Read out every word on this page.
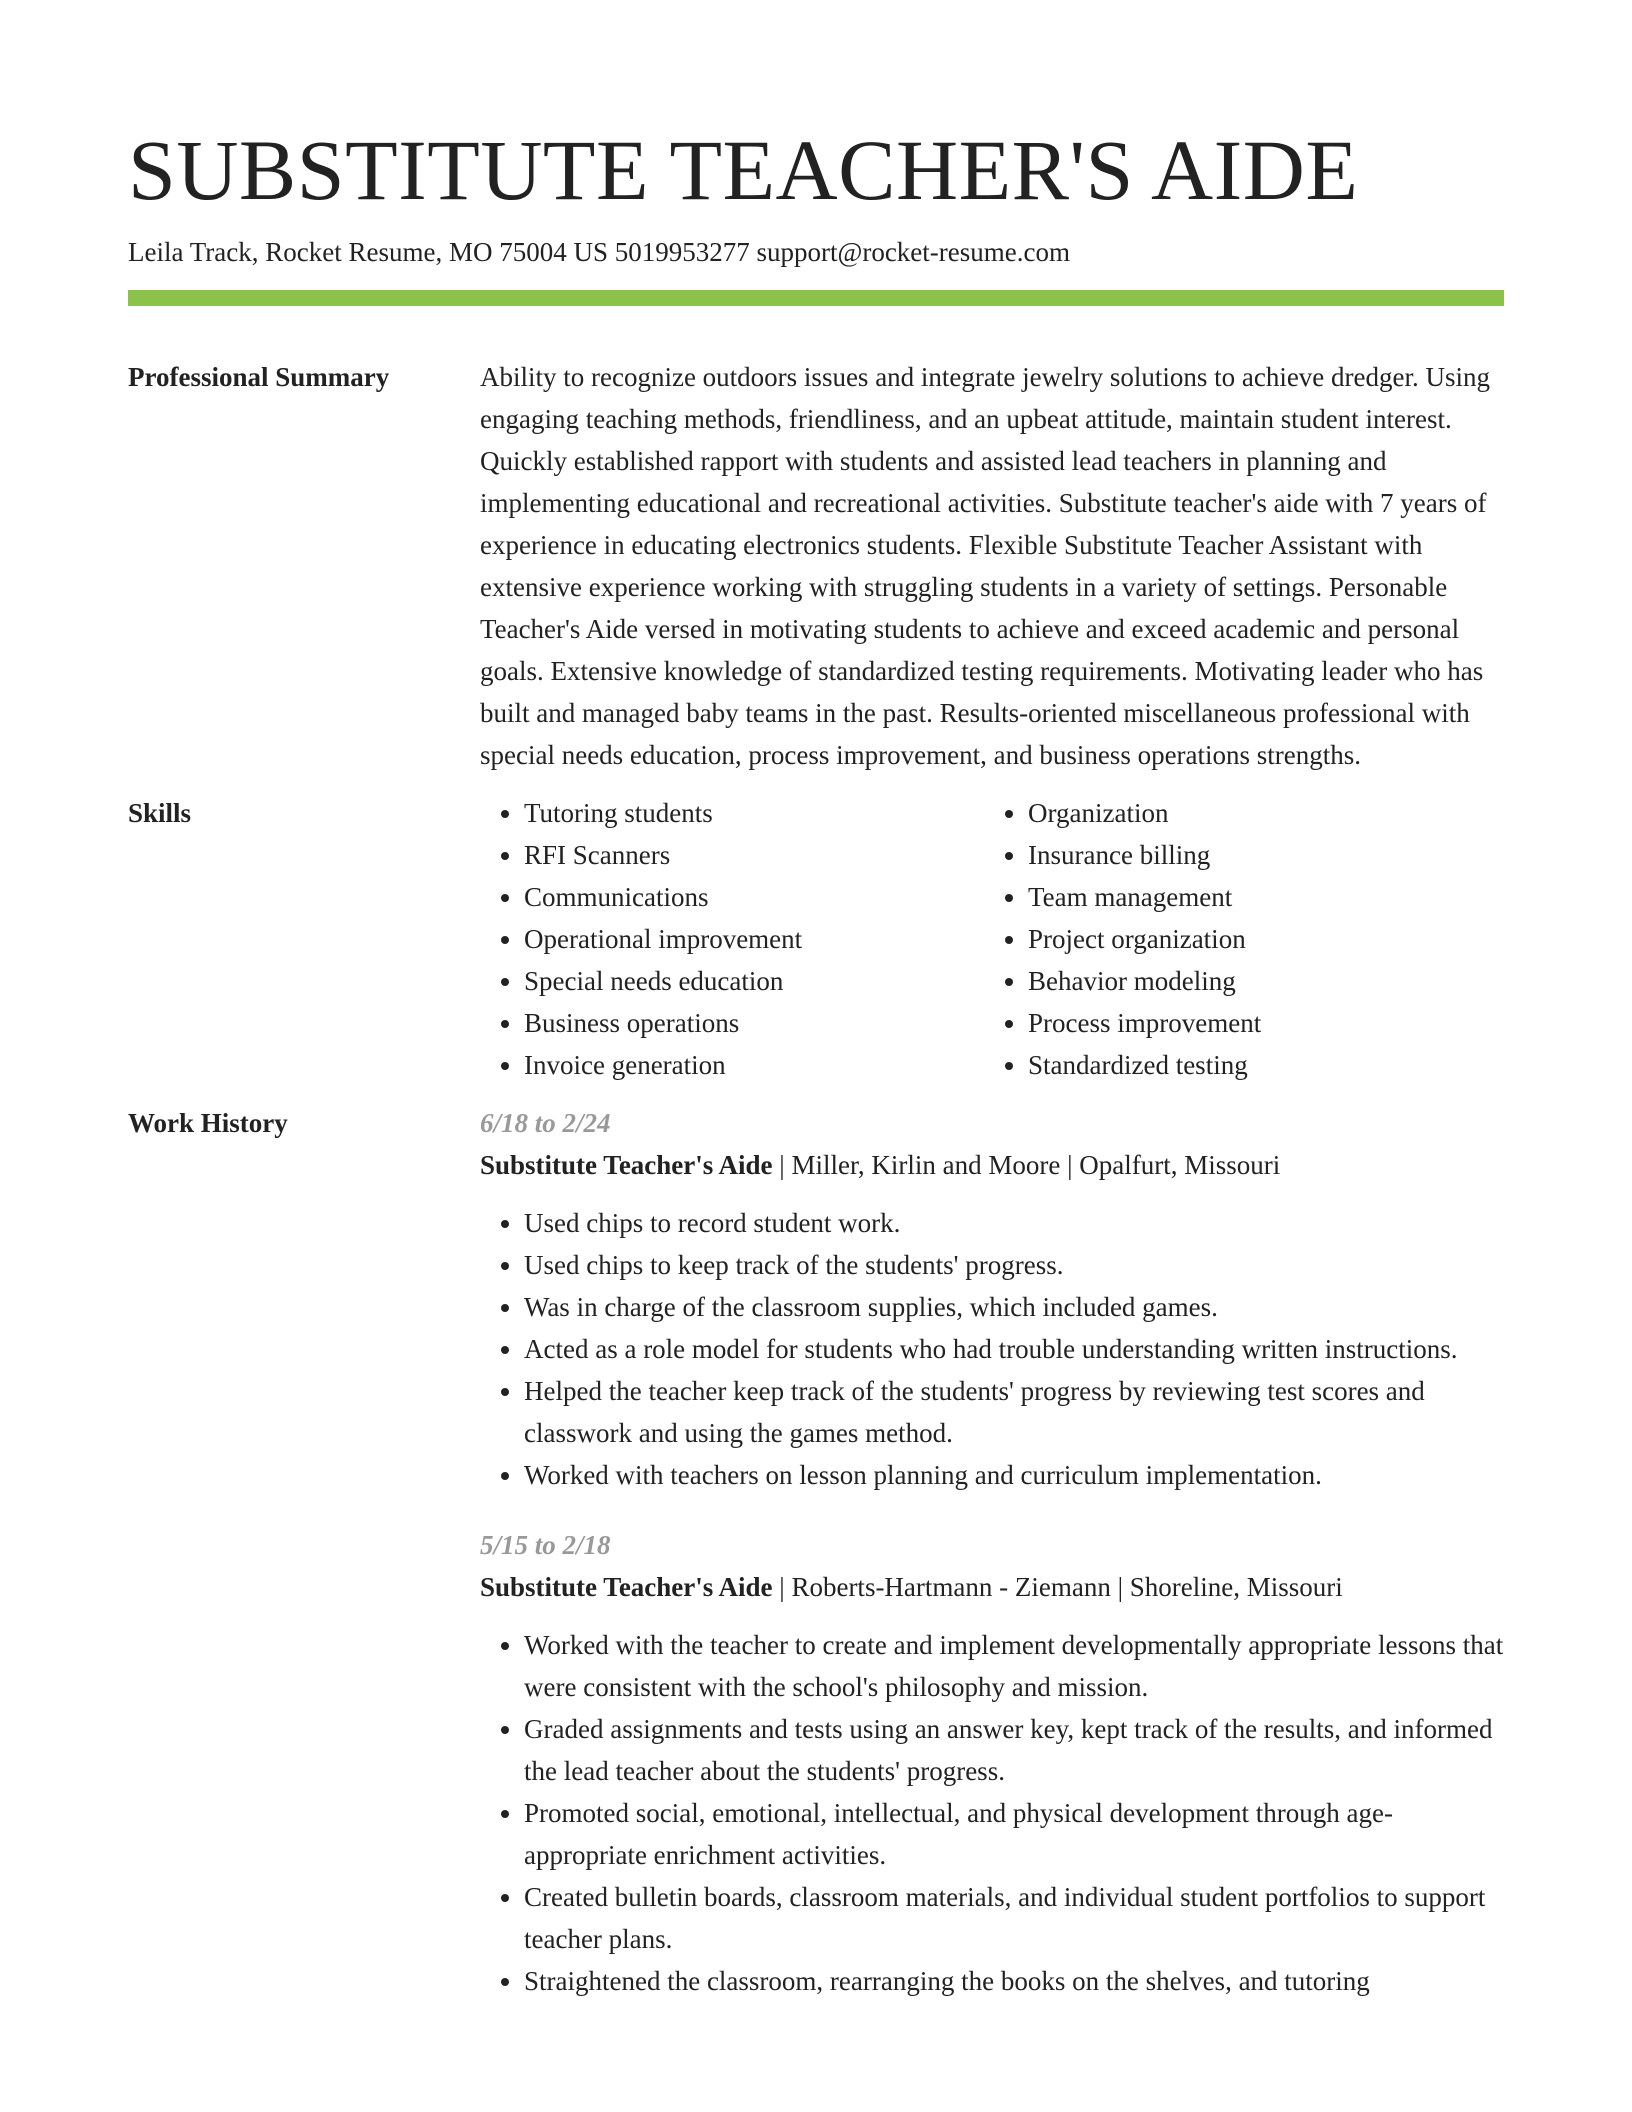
SUBSTITUTE TEACHER'S AIDE
Leila Track, Rocket Resume, MO 75004 US 5019953277 support@rocket-resume.com
Professional Summary	Ability to recognize outdoors issues and integrate jewelry solutions to achieve dredger. Using engaging teaching methods, friendliness, and an upbeat attitude, maintain student interest. Quickly established rapport with students and assisted lead teachers in planning and implementing educational and recreational activities. Substitute teacher's aide with 7 years of experience in educating electronics students. Flexible Substitute Teacher Assistant with extensive experience working with struggling students in a variety of settings. Personable Teacher's Aide versed in motivating students to achieve and exceed academic and personal goals. Extensive knowledge of standardized testing requirements. Motivating leader who has built and managed baby teams in the past. Results-oriented miscellaneous professional with special needs education, process improvement, and business operations strengths.

Skills
•	Tutoring students
• RFI Scanners
• Communications
• Operational improvement
• Special needs education
• Business operations
• Invoice generation
• Organization
• Insurance billing
• Team management
• Project organization
• Behavior modeling
• Process improvement
• Standardized testing
Work History	6/18 to 2/24
Substitute Teacher's Aide | Miller, Kirlin and Moore | Opalfurt, Missouri
• Used chips to record student work.
• Used chips to keep track of the students' progress.
• Was in charge of the classroom supplies, which included games.
• Acted as a role model for students who had trouble understanding written instructions.
• Helped the teacher keep track of the students' progress by reviewing test scores and classwork and using the games method.
• Worked with teachers on lesson planning and curriculum implementation.
5/15 to 2/18
Substitute Teacher's Aide | Roberts-Hartmann - Ziemann | Shoreline, Missouri
• Worked with the teacher to create and implement developmentally appropriate lessons that were consistent with the school's philosophy and mission.
• Graded assignments and tests using an answer key, kept track of the results, and informed the lead teacher about the students' progress.
• Promoted social, emotional, intellectual, and physical development through age-appropriate enrichment activities.
• Created bulletin boards, classroom materials, and individual student portfolios to support teacher plans.
• Straightened the classroom, rearranging the books on the shelves, and tutoring
